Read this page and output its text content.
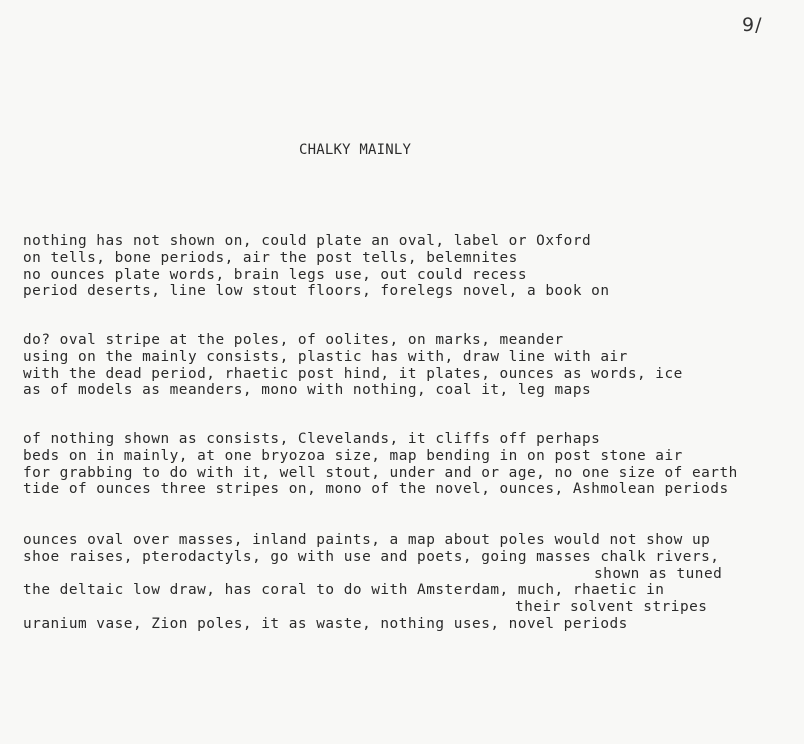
9/
CHALKY MAINLY
nothing has not shown on, could plate an oval, label or Oxford
on tells, bone periods, air the post tells, belemnites
no ounces plate words, brain legs use, out could recess
period deserts, line low stout floors, forelegs novel, a book on
do? oval stripe at the poles, of oolites, on marks, meander
using on the mainly consists, plastic has with, draw line with air
with the dead period, rhaetic post hind, it plates, ounces as words, ice
as of models as meanders, mono with nothing, coal it, leg maps
of nothing shown as consists, Clevelands, it cliffs off perhaps
beds on in mainly, at one bryozoa size, map bending in on post stone air
for grabbing to do with it, well stout, under and or age, no one size of earth
tide of ounces three stripes on, mono of the novel, ounces, Ashmolean periods
ounces oval over masses, inland paints, a map about poles would not show up
shoe raises, pterodactyls, go with use and poets, going masses chalk rivers,
shown as tuned
the deltaic low draw, has coral to do with Amsterdam, much, rhaetic in
their solvent stripes
uranium vase, Zion poles, it as waste, nothing uses, novel periods
